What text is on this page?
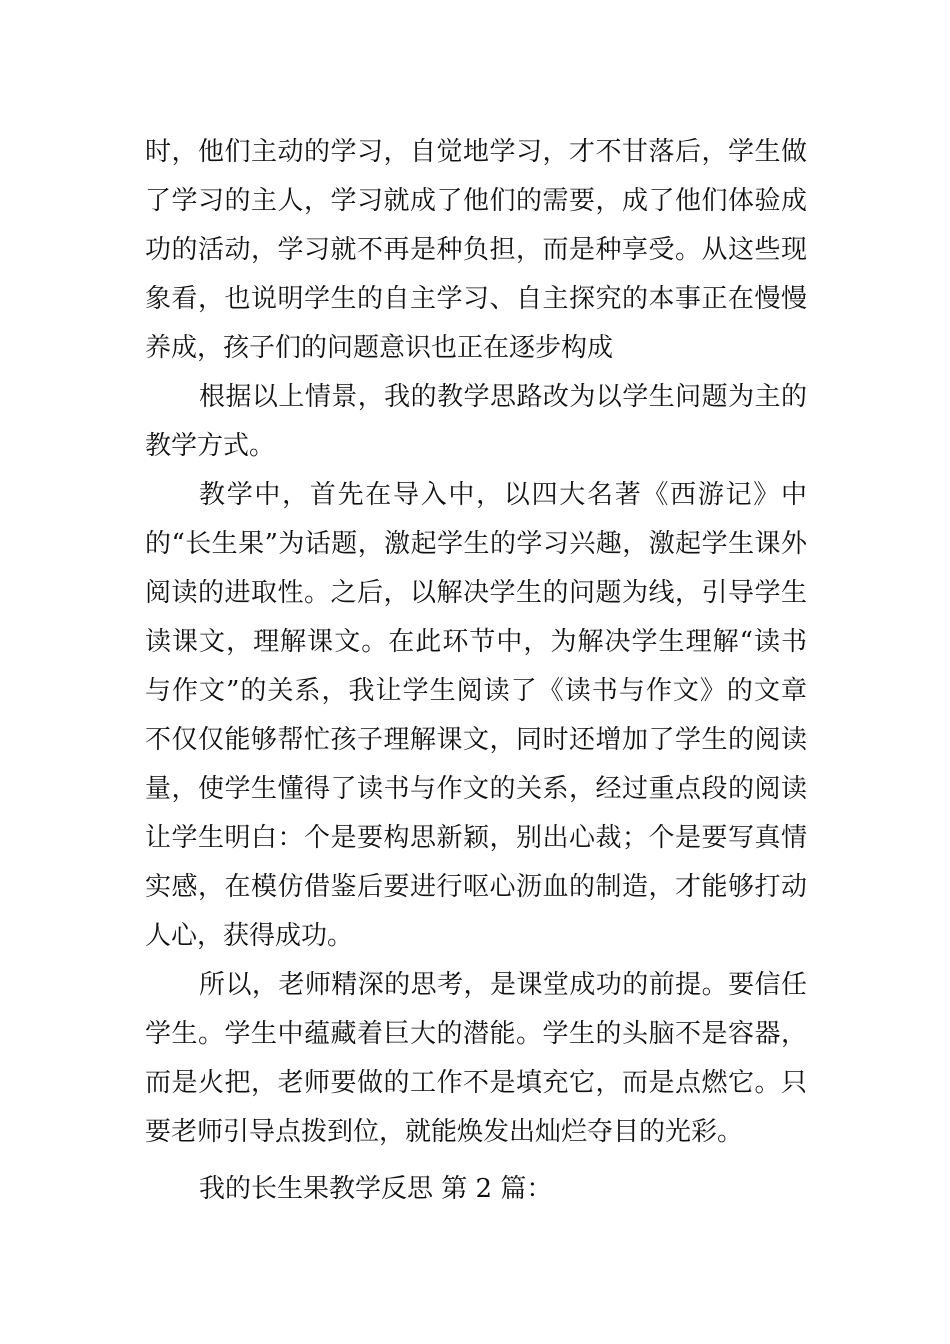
时，他们主动的学习，自觉地学习，才不甘落后，学生做了学习的主人，学习就成了他们的需要，成了他们体验成功的活动，学习就不再是种负担，而是种享受。从这些现象看，也说明学生的自主学习、自主探究的本事正在慢慢养成，孩子们的问题意识也正在逐步构成

根据以上情景，我的教学思路改为以学生问题为主的教学方式。

教学中，首先在导入中，以四大名著《西游记》中的“长生果”为话题，激起学生的学习兴趣，激起学生课外阅读的进取性。之后，以解决学生的问题为线，引导学生读课文，理解课文。在此环节中，为解决学生理解“读书与作文”的关系，我让学生阅读了《读书与作文》的文章不仅仅能够帮忙孩子理解课文，同时还增加了学生的阅读量，使学生懂得了读书与作文的关系，经过重点段的阅读让学生明白：个是要构思新颖，别出心裁；个是要写真情实感，在模仿借鉴后要进行呕心沥血的制造，才能够打动人心，获得成功。

所以，老师精深的思考，是课堂成功的前提。要信任学生。学生中蕴藏着巨大的潜能。学生的头脑不是容器，而是火把，老师要做的工作不是填充它，而是点燃它。只要老师引导点拨到位，就能焕发出灿烂夺目的光彩。

我的长生果教学反思 第 2 篇：
